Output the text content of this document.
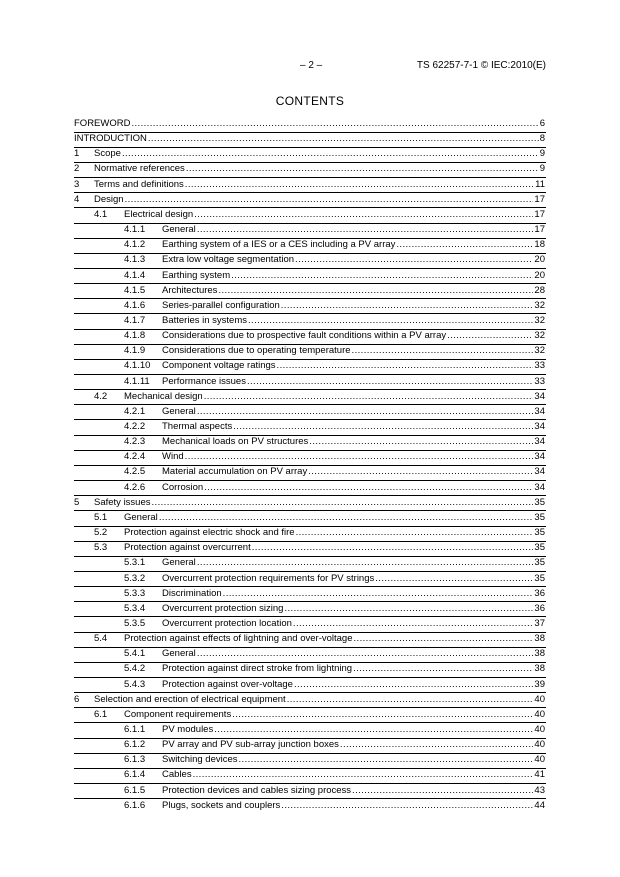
– 2 –	TS 62257-7-1 © IEC:2010(E)
CONTENTS
FOREWORD .....	6
INTRODUCTION .....	8
1 Scope .....	9
2 Normative references .....	9
3 Terms and definitions .....	11
4 Design .....	17
4.1 Electrical design .....	17
4.1.1 General .....	17
4.1.2 Earthing system of a IES or a CES including a PV array .....	18
4.1.3 Extra low voltage segmentation .....	20
4.1.4 Earthing system .....	20
4.1.5 Architectures .....	28
4.1.6 Series-parallel configuration .....	32
4.1.7 Batteries in systems .....	32
4.1.8 Considerations due to prospective fault conditions within a PV array .....	32
4.1.9 Considerations due to operating temperature .....	32
4.1.10 Component voltage ratings .....	33
4.1.11 Performance issues .....	33
4.2 Mechanical design .....	34
4.2.1 General .....	34
4.2.2 Thermal aspects .....	34
4.2.3 Mechanical loads on PV structures .....	34
4.2.4 Wind .....	34
4.2.5 Material accumulation on PV array .....	34
4.2.6 Corrosion .....	34
5 Safety issues .....	35
5.1 General .....	35
5.2 Protection against electric shock and fire .....	35
5.3 Protection against overcurrent .....	35
5.3.1 General .....	35
5.3.2 Overcurrent protection requirements for PV strings .....	35
5.3.3 Discrimination .....	36
5.3.4 Overcurrent protection sizing .....	36
5.3.5 Overcurrent protection location .....	37
5.4 Protection against effects of lightning and over-voltage .....	38
5.4.1 General .....	38
5.4.2 Protection against direct stroke from lightning .....	38
5.4.3 Protection against over-voltage .....	39
6 Selection and erection of electrical equipment .....	40
6.1 Component requirements .....	40
6.1.1 PV modules .....	40
6.1.2 PV array and PV sub-array junction boxes .....	40
6.1.3 Switching devices .....	40
6.1.4 Cables .....	41
6.1.5 Protection devices and cables sizing process .....	43
6.1.6 Plugs, sockets and couplers .....	44
